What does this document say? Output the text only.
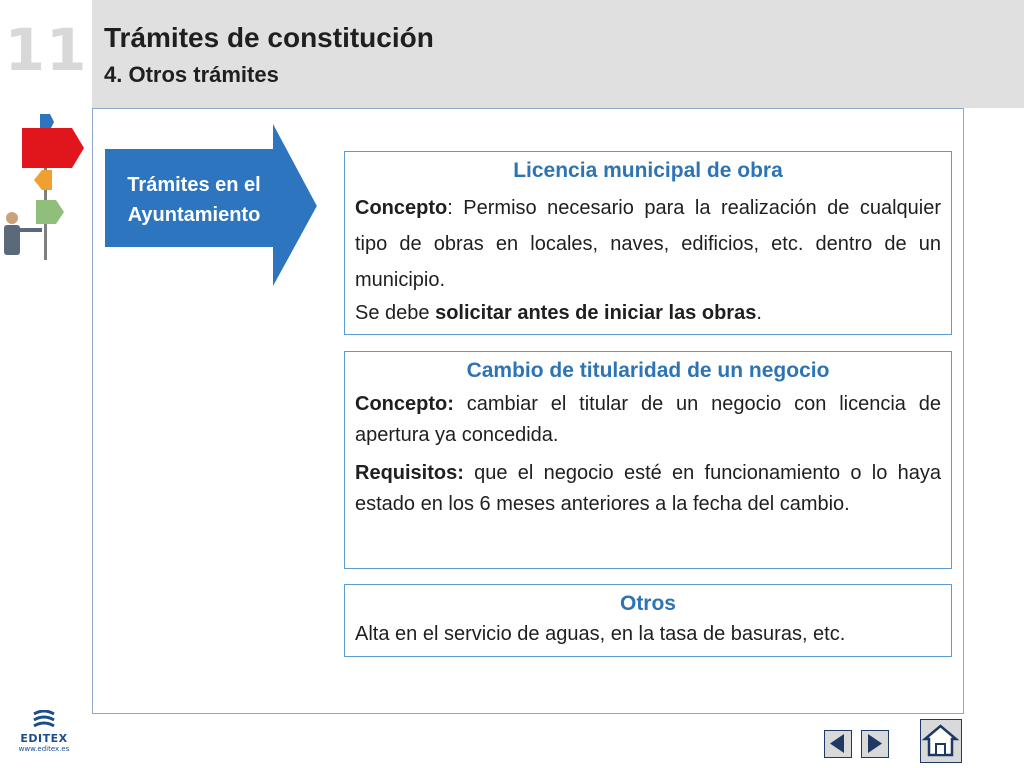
11 Trámites de constitución
4. Otros trámites
Trámites en el
Ayuntamiento
Licencia municipal de obra

Concepto: Permiso necesario para la realización de cualquier tipo de obras en locales, naves, edificios, etc. dentro de un municipio.

Se debe solicitar antes de iniciar las obras.

Cambio de titularidad de un negocio

Concepto: cambiar el titular de un negocio con licencia de apertura ya concedida.

Requisitos: que el negocio esté en funcionamiento o lo haya estado en los 6 meses anteriores a la fecha del cambio.

Otros

Alta en el servicio de aguas, en la tasa de basuras, etc.

EDITEX
www.editex.es
